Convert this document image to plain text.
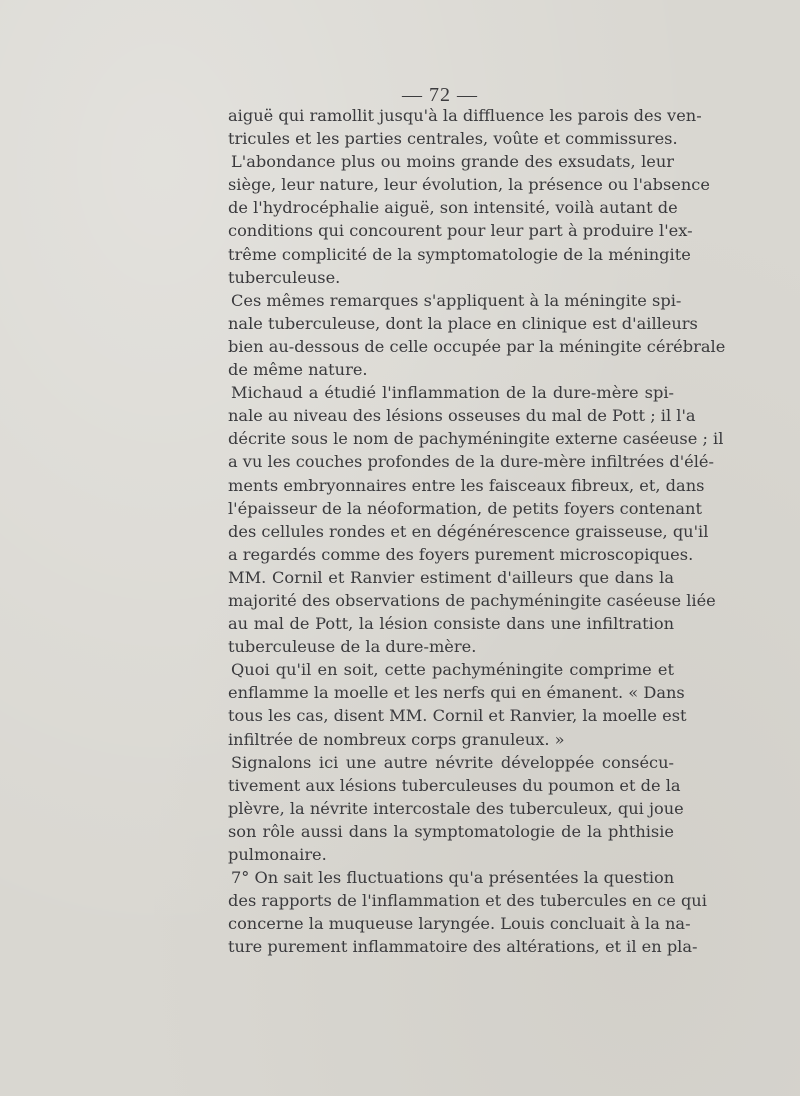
— 72 —
aiguë qui ramollit jusqu'à la diffluence les parois des ven-
tricules et les parties centrales, voûte et commissures.
L'abondance plus ou moins grande des exsudats, leur
siège, leur nature, leur évolution, la présence ou l'absence
de l'hydrocéphalie aiguë, son intensité, voilà autant de
conditions qui concourent pour leur part à produire l'ex-
trême complicité de la symptomatologie de la méningite
tuberculeuse.
Ces mêmes remarques s'appliquent à la méningite spi-
nale tuberculeuse, dont la place en clinique est d'ailleurs
bien au-dessous de celle occupée par la méningite cérébrale
de même nature.
Michaud a étudié l'inflammation de la dure-mère spi-
nale au niveau des lésions osseuses du mal de Pott ; il l'a
décrite sous le nom de pachyméningite externe caséeuse ; il
a vu les couches profondes de la dure-mère infiltrées d'élé-
ments embryonnaires entre les faisceaux fibreux, et, dans
l'épaisseur de la néoformation, de petits foyers contenant
des cellules rondes et en dégénérescence graisseuse, qu'il
a regardés comme des foyers purement microscopiques.
MM. Cornil et Ranvier estiment d'ailleurs que dans la
majorité des observations de pachyméningite caséeuse liée
au mal de Pott, la lésion consiste dans une infiltration
tuberculeuse de la dure-mère.
Quoi qu'il en soit, cette pachyméningite comprime et
enflamme la moelle et les nerfs qui en émanent. « Dans
tous les cas, disent MM. Cornil et Ranvier, la moelle est
infiltrée de nombreux corps granuleux. »
Signalons ici une autre névrite développée consécu-
tivement aux lésions tuberculeuses du poumon et de la
plèvre, la névrite intercostale des tuberculeux, qui joue
son rôle aussi dans la symptomatologie de la phthisie
pulmonaire.
7° On sait les fluctuations qu'a présentées la question
des rapports de l'inflammation et des tubercules en ce qui
concerne la muqueuse laryngée. Louis concluait à la na-
ture purement inflammatoire des altérations, et il en pla-
